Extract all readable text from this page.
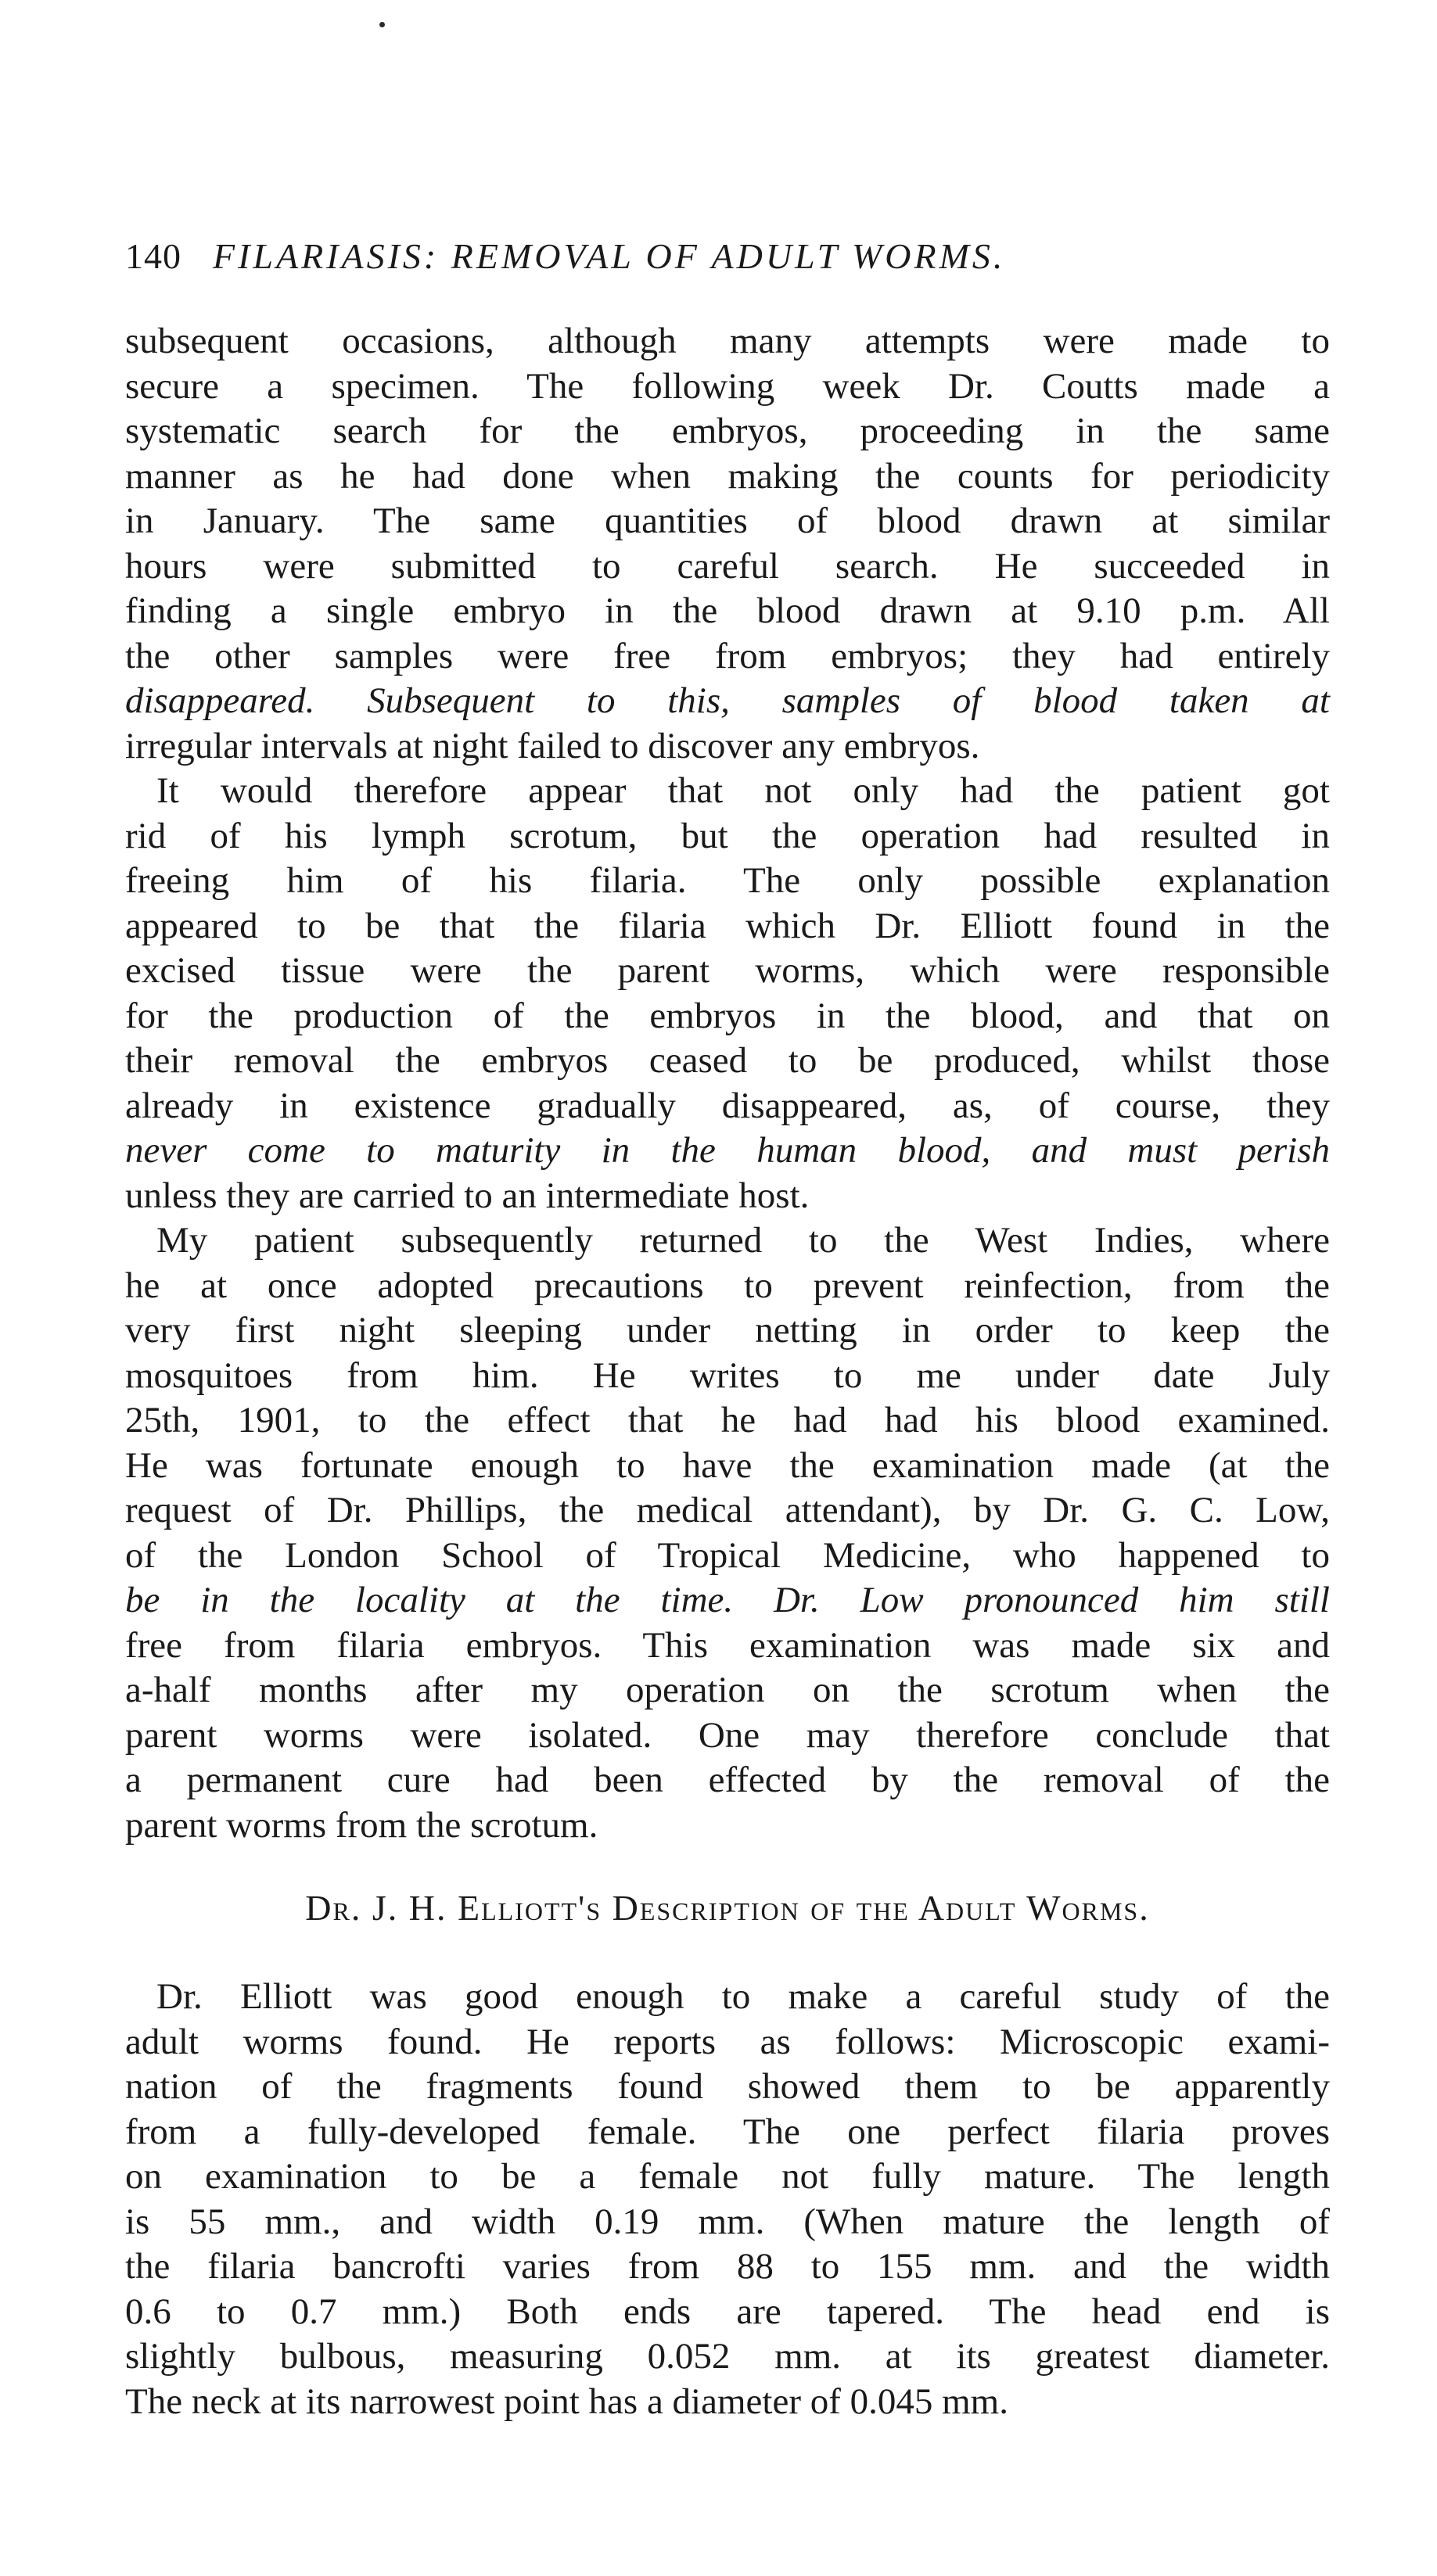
140 FILARIASIS: REMOVAL OF ADULT WORMS.
subsequent occasions, although many attempts were made to
secure a specimen. The following week Dr. Coutts made a
systematic search for the embryos, proceeding in the same
manner as he had done when making the counts for periodicity
in January. The same quantities of blood drawn at similar
hours were submitted to careful search. He succeeded in
finding a single embryo in the blood drawn at 9.10 p.m. All
the other samples were free from embryos; they had entirely
disappeared. Subsequent to this, samples of blood taken at
irregular intervals at night failed to discover any embryos.
It would therefore appear that not only had the patient got
rid of his lymph scrotum, but the operation had resulted in
freeing him of his filaria. The only possible explanation
appeared to be that the filaria which Dr. Elliott found in the
excised tissue were the parent worms, which were responsible
for the production of the embryos in the blood, and that on
their removal the embryos ceased to be produced, whilst those
already in existence gradually disappeared, as, of course, they
never come to maturity in the human blood, and must perish
unless they are carried to an intermediate host.
My patient subsequently returned to the West Indies, where
he at once adopted precautions to prevent reinfection, from the
very first night sleeping under netting in order to keep the
mosquitoes from him. He writes to me under date July
25th, 1901, to the effect that he had had his blood examined.
He was fortunate enough to have the examination made (at the
request of Dr. Phillips, the medical attendant), by Dr. G. C. Low,
of the London School of Tropical Medicine, who happened to
be in the locality at the time. Dr. Low pronounced him still
free from filaria embryos. This examination was made six and
a-half months after my operation on the scrotum when the
parent worms were isolated. One may therefore conclude that
a permanent cure had been effected by the removal of the
parent worms from the scrotum.
Dr. J. H. Elliott's Description of the Adult Worms.
Dr. Elliott was good enough to make a careful study of the
adult worms found. He reports as follows: Microscopic exami-
nation of the fragments found showed them to be apparently
from a fully-developed female. The one perfect filaria proves
on examination to be a female not fully mature. The length
is 55 mm., and width 0.19 mm. (When mature the length of
the filaria bancrofti varies from 88 to 155 mm. and the width
0.6 to 0.7 mm.) Both ends are tapered. The head end is
slightly bulbous, measuring 0.052 mm. at its greatest diameter.
The neck at its narrowest point has a diameter of 0.045 mm.
